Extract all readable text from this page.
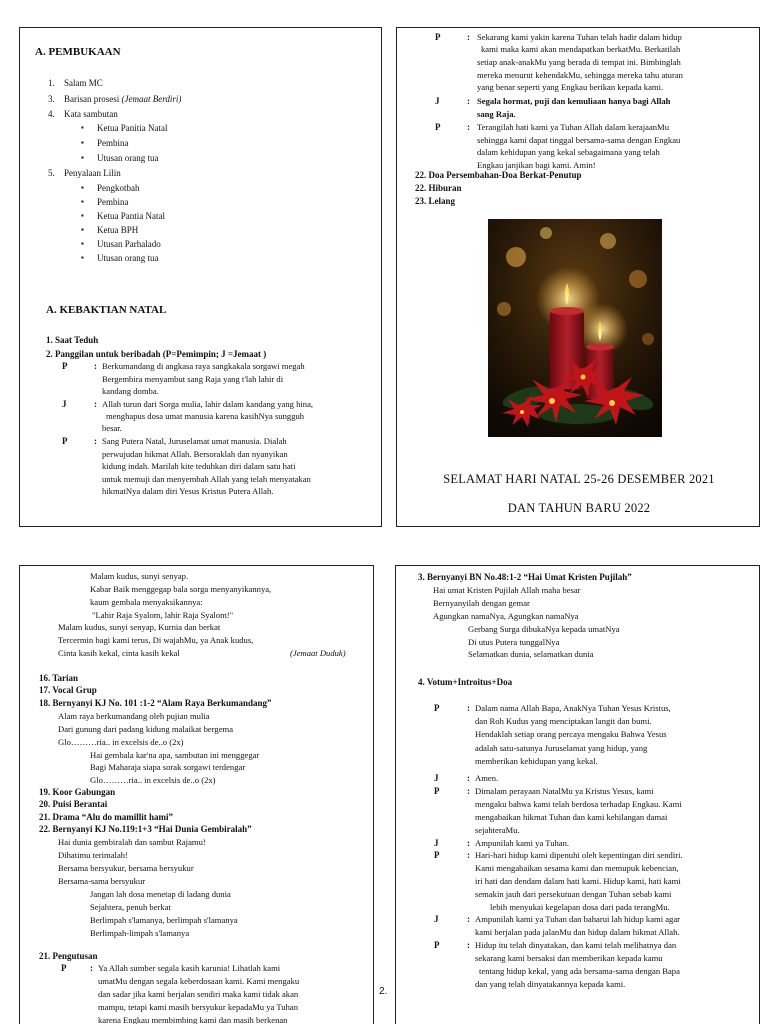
A. PEMBUKAAN
1. Salam MC
3. Barisan prosesi (Jemaat Berdiri)
4. Kata sambutan
▪ Ketua Panitia Natal
▪ Pembina
▪ Utusan orang tua
5. Penyalaan Lilin
▪ Pengkotbah
▪ Pembina
▪ Ketua Pantia Natal
▪ Ketua BPH
▪ Utusan Parhalado
▪ Utusan orang tua
A. KEBAKTIAN NATAL
1. Saat Teduh
2. Panggilan untuk beribadah (P=Pemimpin; J =Jemaat )
P	: Berkumandang di angkasa raya sangkakala sorgawi megah
Bergembira menyambut sang Raja yang t'lah lahir di
kandang domba.
J	: Allah turun dari Sorga mulia, lahir dalam kandang yang hina,
menghapus dosa umat manusia karena kasihNya sungguh
besar.
P	: Sang Putera Natal, Juruselamat umat manusia. Dialah
perwujudan hikmat Allah. Bersoraklah dan nyanyikan
kidung indah. Marilah kite teduhkan diri dalam satu hati
untuk memuji dan menyembah Allah yang telah menyatakan
hikmatNya dalam diri Yesus Kristus Putera Allah.
P	: Sekarang kami yakin karena Tuhan telah hadir dalam hidup
kami maka kami akan mendapatkan berkatMu. Berkatilah
setiap anak-anakMu yang berada di tempat ini. Bimbinglah
mereka menurut kehendakMu, sehingga mereka tahu aturan
yang benar seperti yang Engkau berikan kepada kami.
J	: Segala hormat, puji dan kemuliaan hanya bagi Allah
sang Raja.
P	: Terangilah hati kami ya Tuhan Allah dalam kerajaanMu
sehingga kami dapat tinggal bersama-sama dengan Engkau
dalam kehidupan yang kekal sebagaimana yang telah
Engkau janjikan bagi kami. Amin!
22. Doa Persembahan-Doa Berkat-Penutup
22. Hiburan
23. Lelang
SELAMAT HARI NATAL 25-26 DESEMBER 2021
DAN TAHUN BARU 2022
Malam kudus, sunyi senyap.
Kabar Baik menggegap bala sorga menyanyikannya,
kaum gembala menyaksikannya:
"Lahir Raja Syalom, lahir Raja Syalom!"
Malam kudus, sunyi senyap, Kurnia dan berkat
Tercermin bagi kami terus, Di wajahMu, ya Anak kudus,
Cinta kasih kekal, cinta kasih kekal	(Jemaat Duduk)
16. Tarian
17. Vocal Grup
18. Bernyanyi KJ No. 101 :1-2 “Alam Raya Berkumandang”
Alam raya berkumandang oleh pujian mulia
Dari gunung dari padang kidung malaikat bergema
Glo………ria.. in excelsis de..o (2x)
Hai gembala kar'na apa, sambutan ini menggegar
Bagi Maharaja siapa sorak sorgawi terdengar
Glo………ria.. in excelsis de..o (2x)
19. Koor Gabungan
20. Puisi Berantai
21. Drama “Alu do mamillit hami”
22. Bernyanyi KJ No.119:1+3 “Hai Dunia Gembiralah”
Hai dunia gembiralah dan sambut Rajamu!
Dihatimu terimalah!
Bersama bersyukur, bersama bersyukur
Bersama-sama bersyukur
Jangan lah dosa menetap di ladang dunia
Sejahtera, penuh berkat
Berlimpah s'lamanya, berlimpah s'lamanya
Berlimpah-limpah s'lamanya
21. Pengutusan
P	: Ya Allah sumber segala kasih karunia! Lihatlah kami
umatMu dengan segala keberdosaan kami. Kami mengaku
dan sadar jika kami berjalan sendiri maka kami tidak akan
mampu, tetapi kami masih bersyukur kepadaMu ya Tuhan
karena Engkau membimbing kami dan masih berkenan
2.
3. Bernyanyi BN No.48:1-2 “Hai Umat Kristen Pujilah”
Hai umat Kristen Pujilah Allah maha besar
Bernyanyilah dengan gemar
Agungkan namaNya, Agungkan namaNya
Gerbang Surga dibukaNya kepada umatNya
Di utus Putera tunggalNya
Selamatkan dunia, selamatkan dunia
4. Votum+Introitus+Doa
P	: Dalam nama Allah Bapa, AnakNya Tuhan Yesus Kristus,
dan Roh Kudus yang menciptakan langit dan bumi.
Hendaklah setiap orang percaya mengaku Bahwa Yesus
adalah satu-satunya Juruselamat yang hidup, yang
memberikan kehidupan yang kekal.
J	: Amen.
P	: Dimalam perayaan NatalMu ya Kristus Yesus, kami
mengaku bahwa kami telah berdosa terhadap Engkau. Kami
mengabaikan hikmat Tuhan dan kami kehilangan damai
sejahteraMu.
J	: Ampunilah kami ya Tuhan.
P	: Hari-hari hidup kami dipenuhi oleh kepentingan diri sendiri.
Kami mengabaikan sesama kami dan memupuk kebencian,
iri hati dan dendam dalam hati kami. Hidup kami, hati kami
semakin jauh dari persekutuan dengan Tuhan sebab kami
lebih menyukai kegelapan dosa dari pada terangMu.
J	: Ampunilah kami ya Tuhan dan baharui lah hidup kami agar
kami berjalan pada jalanMu dan hidup dalam hikmat Allah.
P	: Hidup itu telah dinyatakan, dan kami telah melihatnya dan
sekarang kami bersaksi dan memberikan kepada kamu
tentang hidup kekal, yang ada bersama-sama dengan Bapa
dan yang telah dinyatakannya kepada kami.
